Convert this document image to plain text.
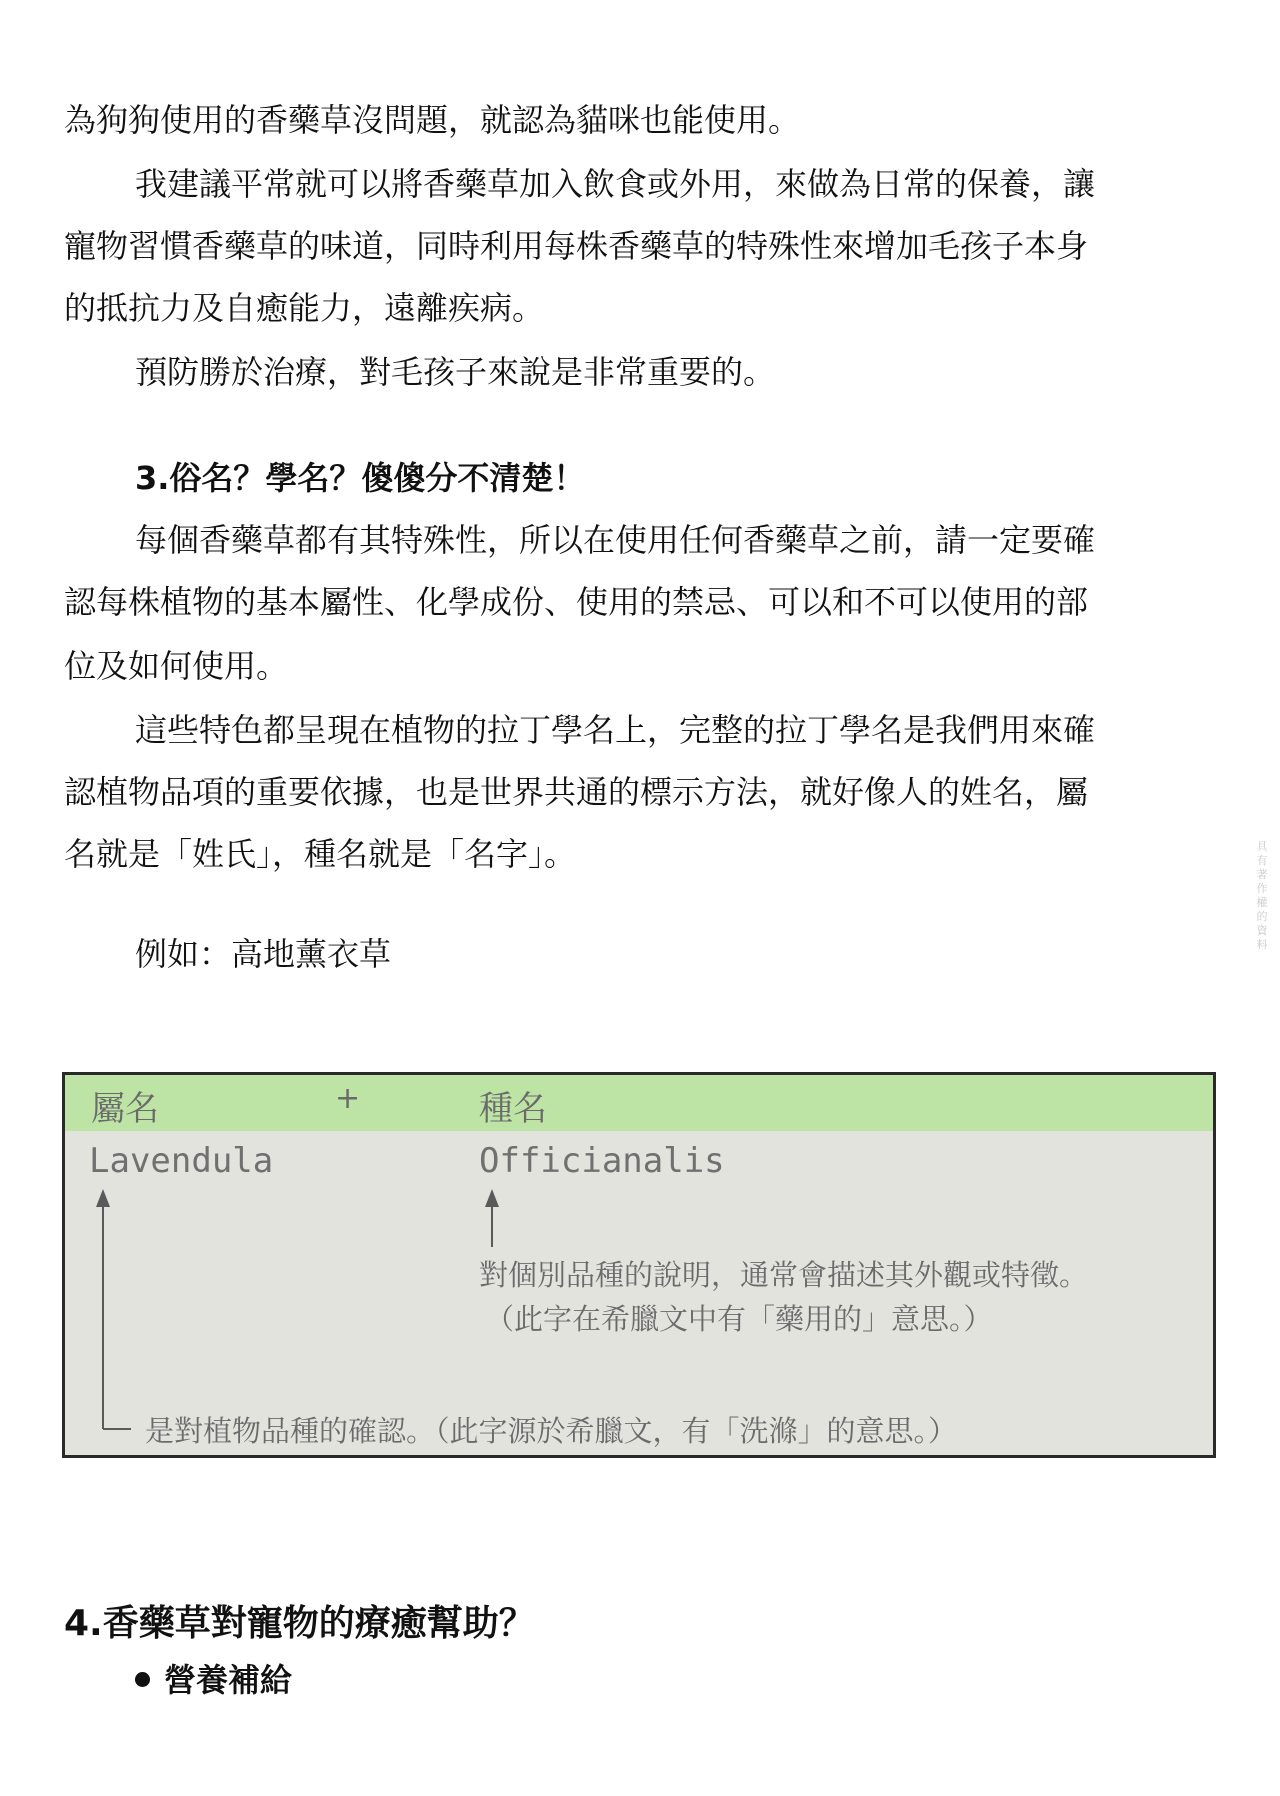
為狗狗使用的香藥草沒問題，就認為貓咪也能使用。

我建議平常就可以將香藥草加入飲食或外用，來做為日常的保養，讓

寵物習慣香藥草的味道，同時利用每株香藥草的特殊性來增加毛孩子本身

的抵抗力及自癒能力，遠離疾病。

預防勝於治療，對毛孩子來說是非常重要的。

3.俗名？學名？傻傻分不清楚！

每個香藥草都有其特殊性，所以在使用任何香藥草之前，請一定要確

認每株植物的基本屬性、化學成份、使用的禁忌、可以和不可以使用的部

位及如何使用。

這些特色都呈現在植物的拉丁學名上，完整的拉丁學名是我們用來確

認植物品項的重要依據，也是世界共通的標示方法，就好像人的姓名，屬

名就是「姓氏」，種名就是「名字」。

例如：高地薰衣草

屬名	+	種名
Lavendula	Officianalis
對個別品種的說明，通常會描述其外觀或特徵。
（此字在希臘文中有「藥用的」意思。）
是對植物品種的確認。（此字源於希臘文，有「洗滌」的意思。）

4.香藥草對寵物的療癒幫助？

營養補給

具有著作權的資料
